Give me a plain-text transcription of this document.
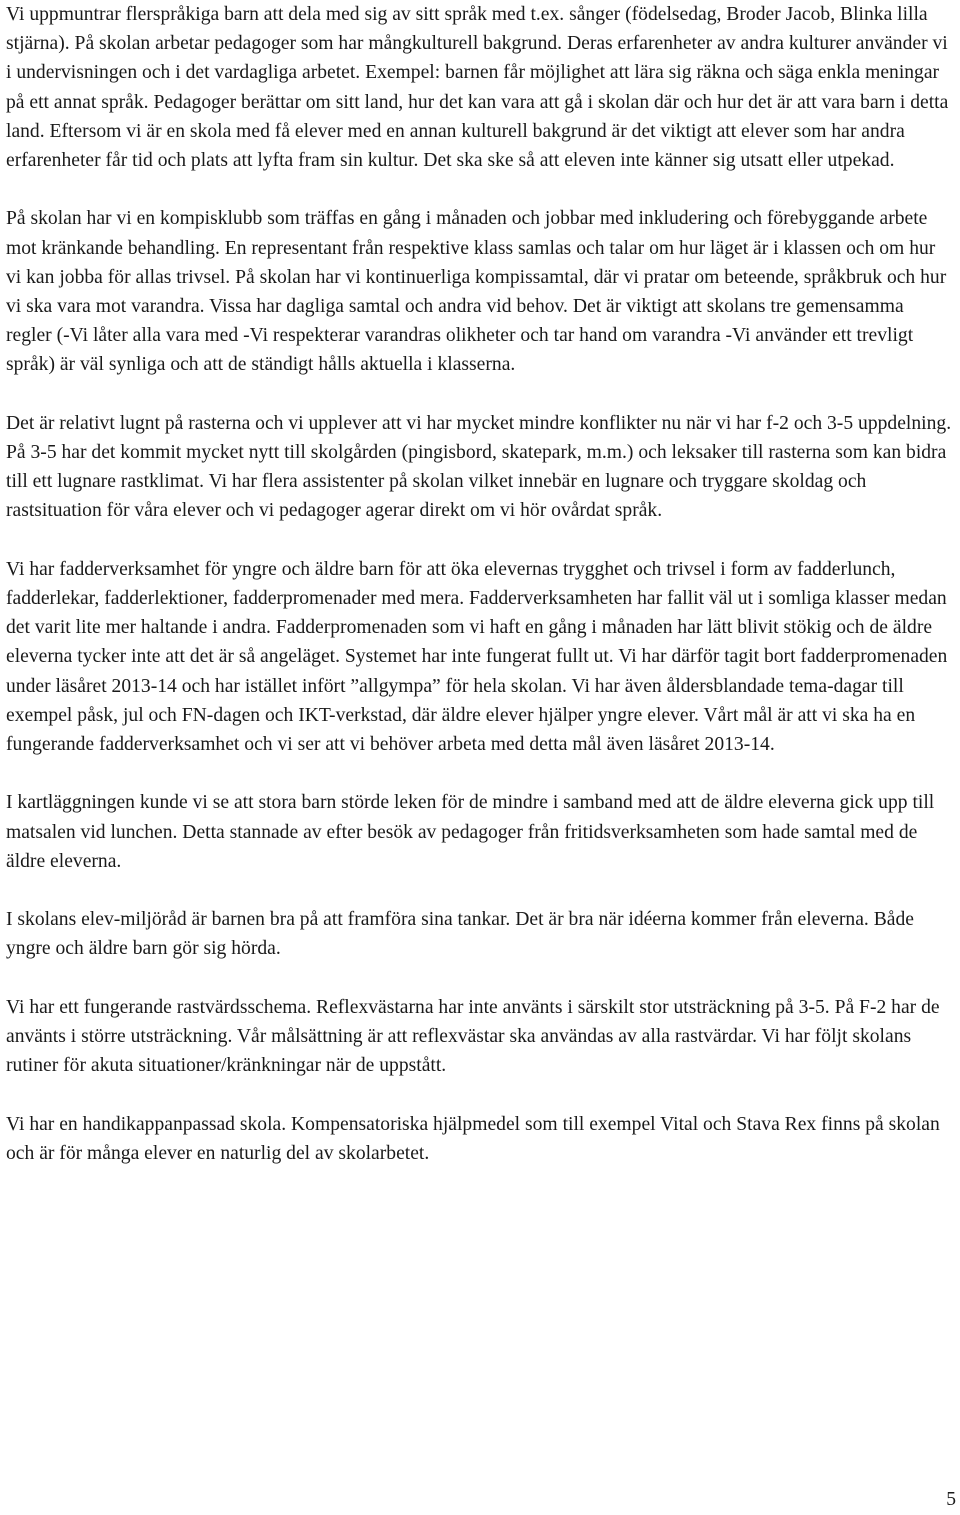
Vi uppmuntrar flerspråkiga barn att dela med sig av sitt språk med t.ex. sånger (födelsedag, Broder Jacob, Blinka lilla stjärna). På skolan arbetar pedagoger som har mångkulturell bakgrund. Deras erfarenheter av andra kulturer använder vi i undervisningen och i det vardagliga arbetet. Exempel: barnen får möjlighet att lära sig räkna och säga enkla meningar på ett annat språk. Pedagoger berättar om sitt land, hur det kan vara att gå i skolan där och hur det är att vara barn i detta land. Eftersom vi är en skola med få elever med en annan kulturell bakgrund är det viktigt att elever som har andra erfarenheter får tid och plats att lyfta fram sin kultur. Det ska ske så att eleven inte känner sig utsatt eller utpekad.

På skolan har vi en kompisklubb som träffas en gång i månaden och jobbar med inkludering och förebyggande arbete mot kränkande behandling. En representant från respektive klass samlas och talar om hur läget är i klassen och om hur vi kan jobba för allas trivsel. På skolan har vi kontinuerliga kompissamtal, där vi pratar om beteende, språkbruk och hur vi ska vara mot varandra. Vissa har dagliga samtal och andra vid behov. Det är viktigt att skolans tre gemensamma regler (-Vi låter alla vara med -Vi respekterar varandras olikheter och tar hand om varandra -Vi använder ett trevligt språk) är väl synliga och att de ständigt hålls aktuella i klasserna.

Det är relativt lugnt på rasterna och vi upplever att vi har mycket mindre konflikter nu när vi har f-2 och 3-5 uppdelning. På 3-5 har det kommit mycket nytt till skolgården (pingisbord, skatepark, m.m.) och leksaker till rasterna som kan bidra till ett lugnare rastklimat. Vi har flera assistenter på skolan vilket innebär en lugnare och tryggare skoldag och rastsituation för våra elever och vi pedagoger agerar direkt om vi hör ovårdat språk.

Vi har fadderverksamhet för yngre och äldre barn för att öka elevernas trygghet och trivsel i form av fadderlunch, fadderlekar, fadderlektioner, fadderpromenader med mera. Fadderverksamheten har fallit väl ut i somliga klasser medan det varit lite mer haltande i andra. Fadderpromenaden som vi haft en gång i månaden har lätt blivit stökig och de äldre eleverna tycker inte att det är så angeläget. Systemet har inte fungerat fullt ut. Vi har därför tagit bort fadderpromenaden under läsåret 2013-14 och har istället infört ”allgympa” för hela skolan. Vi har även åldersblandade tema-dagar till exempel påsk, jul och FN-dagen och IKT-verkstad, där äldre elever hjälper yngre elever. Vårt mål är att vi ska ha en fungerande fadderverksamhet och vi ser att vi behöver arbeta med detta mål även läsåret 2013-14.

I kartläggningen kunde vi se att stora barn störde leken för de mindre i samband med att de äldre eleverna gick upp till matsalen vid lunchen. Detta stannade av efter besök av pedagoger från fritidsverksamheten som hade samtal med de äldre eleverna.

I skolans elev-miljöråd är barnen bra på att framföra sina tankar. Det är bra när idéerna kommer från eleverna. Både yngre och äldre barn gör sig hörda.

Vi har ett fungerande rastvärdsschema. Reflexvästarna har inte använts i särskilt stor utsträckning på 3-5. På F-2 har de använts i större utsträckning. Vår målsättning är att reflexvästar ska användas av alla rastvärdar. Vi har följt skolans rutiner för akuta situationer/kränkningar när de uppstått.

Vi har en handikappanpassad skola. Kompensatoriska hjälpmedel som till exempel Vital och Stava Rex finns på skolan och är för många elever en naturlig del av skolarbetet.

5
